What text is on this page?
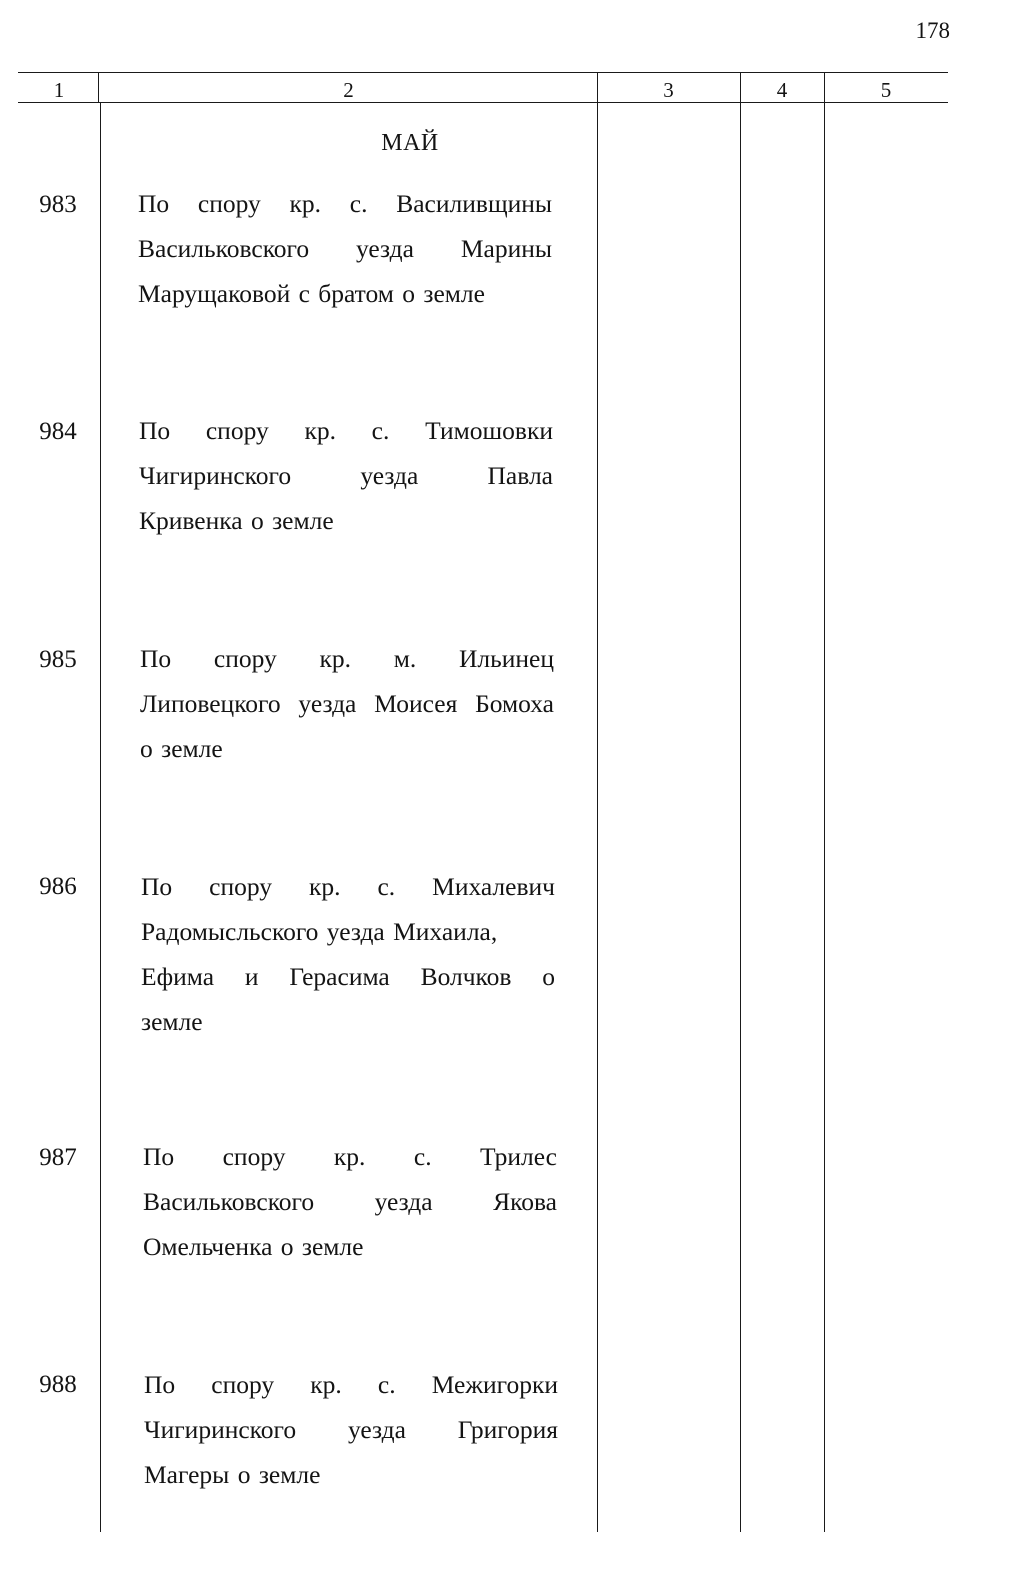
178
1	2	3	4	5
МАЙ
983	По спору кр. с. Василивщины
Васильковского уезда Марины
Марущаковой с братом о земле
984	По спору кр. с. Тимошовки
Чигиринского уезда Павла
Кривенка о земле
985	По спору кр. м. Ильинец
Липовецкого уезда Моисея Бомоха
о земле
986	По спору кр. с. Михалевич
Радомысльского уезда Михаила,
Ефима и Герасима Волчков о
земле
987	По спору кр. с. Трилес
Васильковского уезда Якова
Омельченка о земле
988	По спору кр. с. Межигорки
Чигиринского уезда Григория
Магеры о земле
